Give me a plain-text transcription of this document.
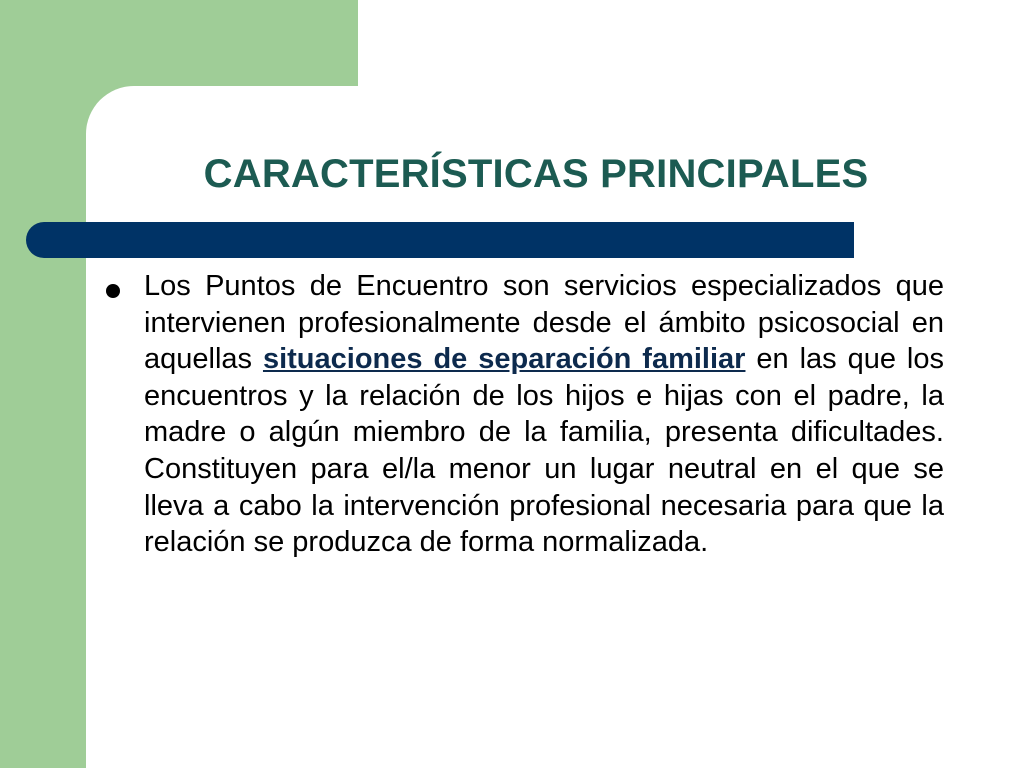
CARACTERÍSTICAS PRINCIPALES

Los Puntos de Encuentro son servicios especializados que intervienen profesionalmente desde el ámbito psicosocial en aquellas situaciones de separación familiar en las que los encuentros y la relación de los hijos e hijas con el padre, la madre o algún miembro de la familia, presenta dificultades. Constituyen para el/la menor un lugar neutral en el que se lleva a cabo la intervención profesional necesaria para que la relación se produzca de forma normalizada.
